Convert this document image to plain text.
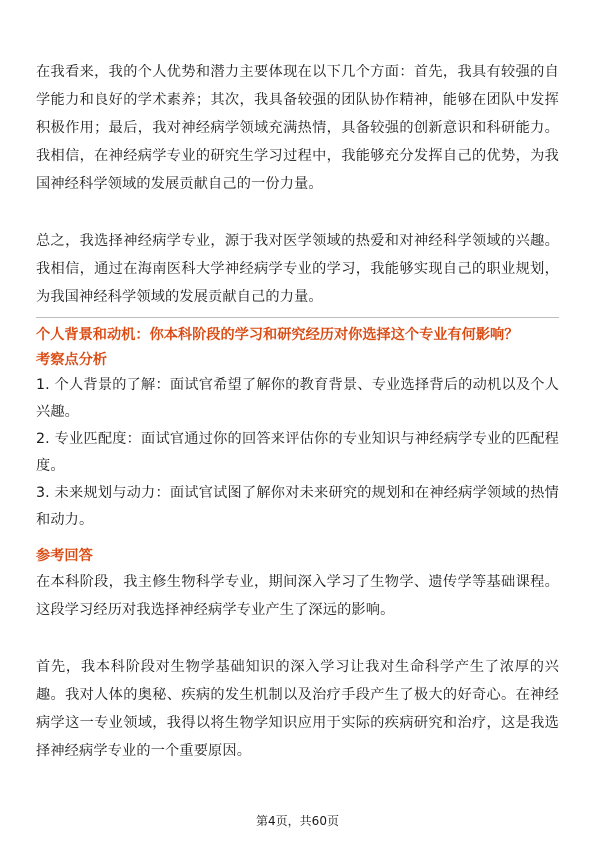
在我看来，我的个人优势和潜力主要体现在以下几个方面：首先，我具有较强的自学能力和良好的学术素养；其次，我具备较强的团队协作精神，能够在团队中发挥积极作用；最后，我对神经病学领域充满热情，具备较强的创新意识和科研能力。我相信，在神经病学专业的研究生学习过程中，我能够充分发挥自己的优势，为我国神经科学领域的发展贡献自己的一份力量。

总之，我选择神经病学专业，源于我对医学领域的热爱和对神经科学领域的兴趣。我相信，通过在海南医科大学神经病学专业的学习，我能够实现自己的职业规划，为我国神经科学领域的发展贡献自己的力量。

个人背景和动机：你本科阶段的学习和研究经历对你选择这个专业有何影响？

考察点分析

1. 个人背景的了解：面试官希望了解你的教育背景、专业选择背后的动机以及个人兴趣。

2. 专业匹配度：面试官通过你的回答来评估你的专业知识与神经病学专业的匹配程度。

3. 未来规划与动力：面试官试图了解你对未来研究的规划和在神经病学领域的热情和动力。

参考回答

在本科阶段，我主修生物科学专业，期间深入学习了生物学、遗传学等基础课程。这段学习经历对我选择神经病学专业产生了深远的影响。

首先，我本科阶段对生物学基础知识的深入学习让我对生命科学产生了浓厚的兴趣。我对人体的奥秘、疾病的发生机制以及治疗手段产生了极大的好奇心。在神经病学这一专业领域，我得以将生物学知识应用于实际的疾病研究和治疗，这是我选择神经病学专业的一个重要原因。

第4页，共60页
